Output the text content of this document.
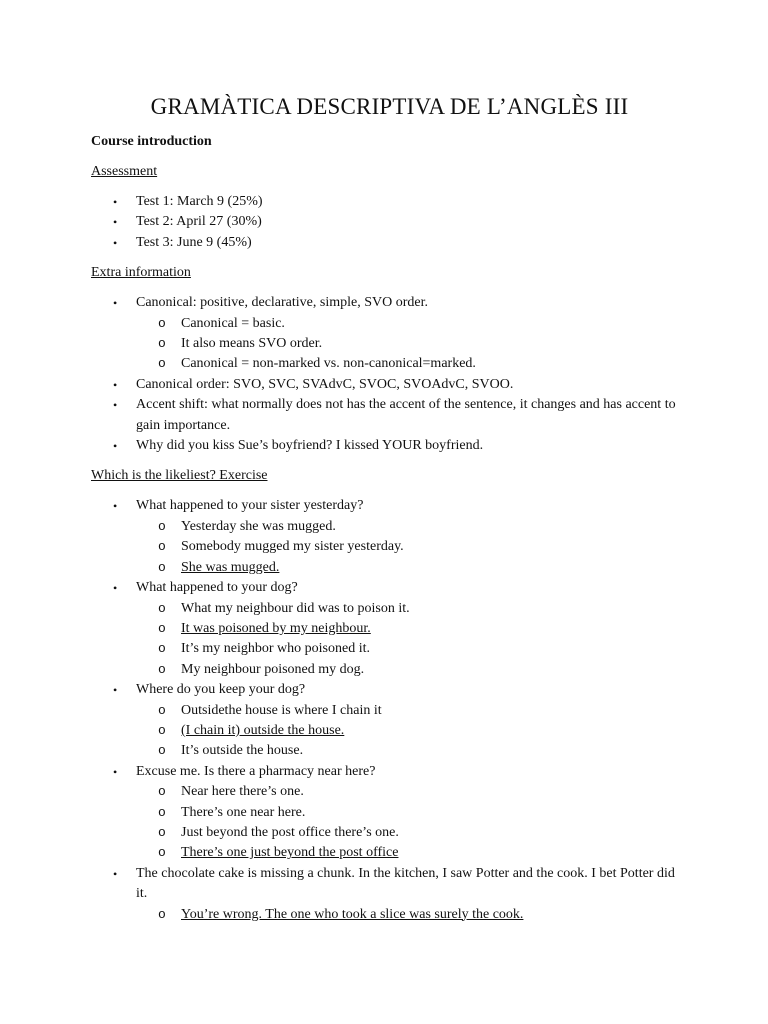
GRAMÀTICA DESCRIPTIVA DE L’ANGLÈS III

Course introduction

Assessment

• Test 1: March 9 (25%)
• Test 2: April 27 (30%)
• Test 3: June 9 (45%)

Extra information

• Canonical: positive, declarative, simple, SVO order.
o Canonical = basic.
o It also means SVO order.
o Canonical = non-marked vs. non-canonical=marked.
• Canonical order: SVO, SVC, SVAdvC, SVOC, SVOAdvC, SVOO.
• Accent shift: what normally does not has the accent of the sentence, it changes and has accent to gain importance.
• Why did you kiss Sue’s boyfriend? I kissed YOUR boyfriend.

Which is the likeliest? Exercise

• What happened to your sister yesterday?
o Yesterday she was mugged.
o Somebody mugged my sister yesterday.
o She was mugged.
• What happened to your dog?
o What my neighbour did was to poison it.
o It was poisoned by my neighbour.
o It’s my neighbor who poisoned it.
o My neighbour poisoned my dog.
• Where do you keep your dog?
o Outsidethe house is where I chain it
o (I chain it) outside the house.
o It’s outside the house.
• Excuse me. Is there a pharmacy near here?
o Near here there’s one.
o There’s one near here.
o Just beyond the post office there’s one.
o There’s one just beyond the post office
• The chocolate cake is missing a chunk. In the kitchen, I saw Potter and the cook. I bet Potter did it.
o You’re wrong. The one who took a slice was surely the cook.
